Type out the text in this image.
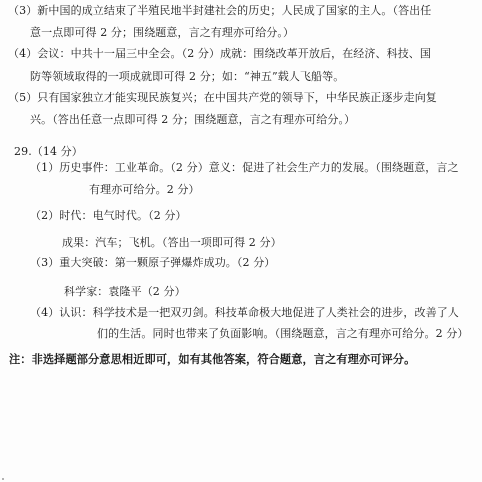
（3）新中国的成立结束了半殖民地半封建社会的历史；人民成了国家的主人。（答出任
意一点即可得 2 分；围绕题意，言之有理亦可给分。）
（4）会议：中共十一届三中全会。（2 分）成就：围绕改革开放后，在经济、科技、国
防等领域取得的一项成就即可得 2 分；如：“神五”载人飞船等。
（5）只有国家独立才能实现民族复兴；在中国共产党的领导下，中华民族正逐步走向复
兴。（答出任意一点即可得 2 分；围绕题意，言之有理亦可给分。）
29.（14 分）
（1）历史事件：工业革命。（2 分）意义：促进了社会生产力的发展。（围绕题意，言之
有理亦可给分。2 分）
（2）时代：电气时代。（2 分）
成果：汽车；飞机。（答出一项即可得 2 分）
（3）重大突破：第一颗原子弹爆炸成功。（2 分）
科学家：袁隆平（2 分）
（4）认识：科学技术是一把双刃剑。科技革命极大地促进了人类社会的进步，改善了人
们的生活。同时也带来了负面影响。（围绕题意，言之有理亦可给分。2 分）
注：非选择题部分意思相近即可，如有其他答案，符合题意，言之有理亦可评分。
